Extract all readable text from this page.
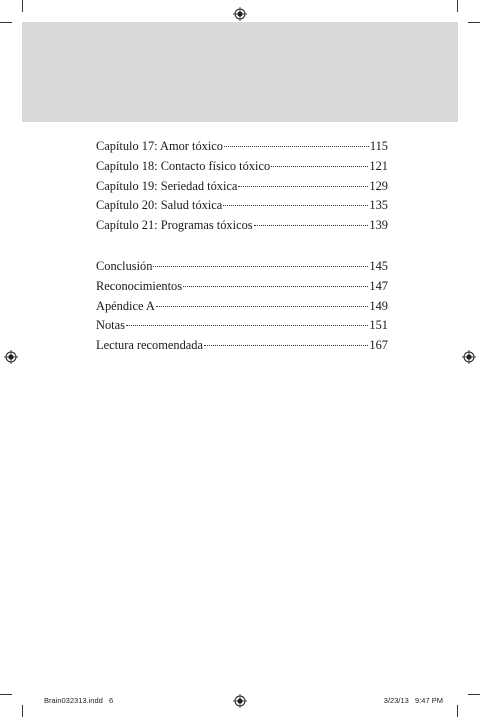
Capítulo 17: Amor tóxico	115
Capítulo 18: Contacto físico tóxico	121
Capítulo 19: Seriedad tóxica	129
Capítulo 20: Salud tóxica	135
Capítulo 21: Programas tóxicos	139
Conclusión	145
Reconocimientos	147
Apéndice A	149
Notas	151
Lectura recomendada	167
Brain032313.indd   6	3/23/13   9:47 PM
